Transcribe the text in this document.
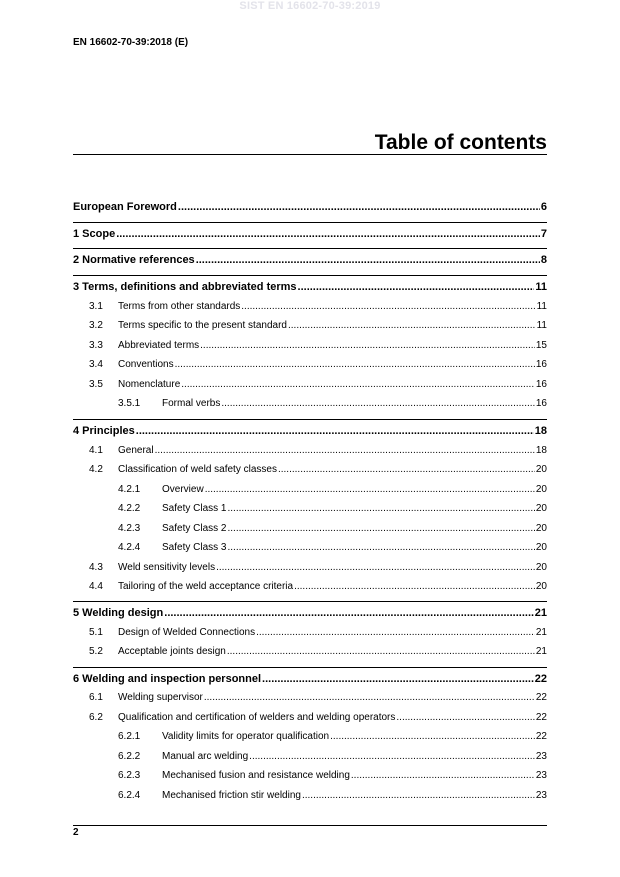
SIST EN 16602-70-39:2019
EN 16602-70-39:2018 (E)
Table of contents
European Foreword .....	6
1 Scope .....	7
2 Normative references .....	8
3 Terms, definitions and abbreviated terms .....	11
3.1	Terms from other standards .....	11
3.2	Terms specific to the present standard .....	11
3.3	Abbreviated terms .....	15
3.4	Conventions .....	16
3.5	Nomenclature .....	16
3.5.1	Formal verbs .....	16
4 Principles .....	18
4.1	General .....	18
4.2	Classification of weld safety classes .....	20
4.2.1	Overview .....	20
4.2.2	Safety Class 1 .....	20
4.2.3	Safety Class 2 .....	20
4.2.4	Safety Class 3 .....	20
4.3	Weld sensitivity levels .....	20
4.4	Tailoring of the weld acceptance criteria .....	20
5 Welding design .....	21
5.1	Design of Welded Connections .....	21
5.2	Acceptable joints design .....	21
6 Welding and inspection personnel .....	22
6.1	Welding supervisor .....	22
6.2	Qualification and certification of welders and welding operators .....	22
6.2.1	Validity limits for operator qualification .....	22
6.2.2	Manual arc welding .....	23
6.2.3	Mechanised fusion and resistance welding .....	23
6.2.4	Mechanised friction stir welding .....	23
2
